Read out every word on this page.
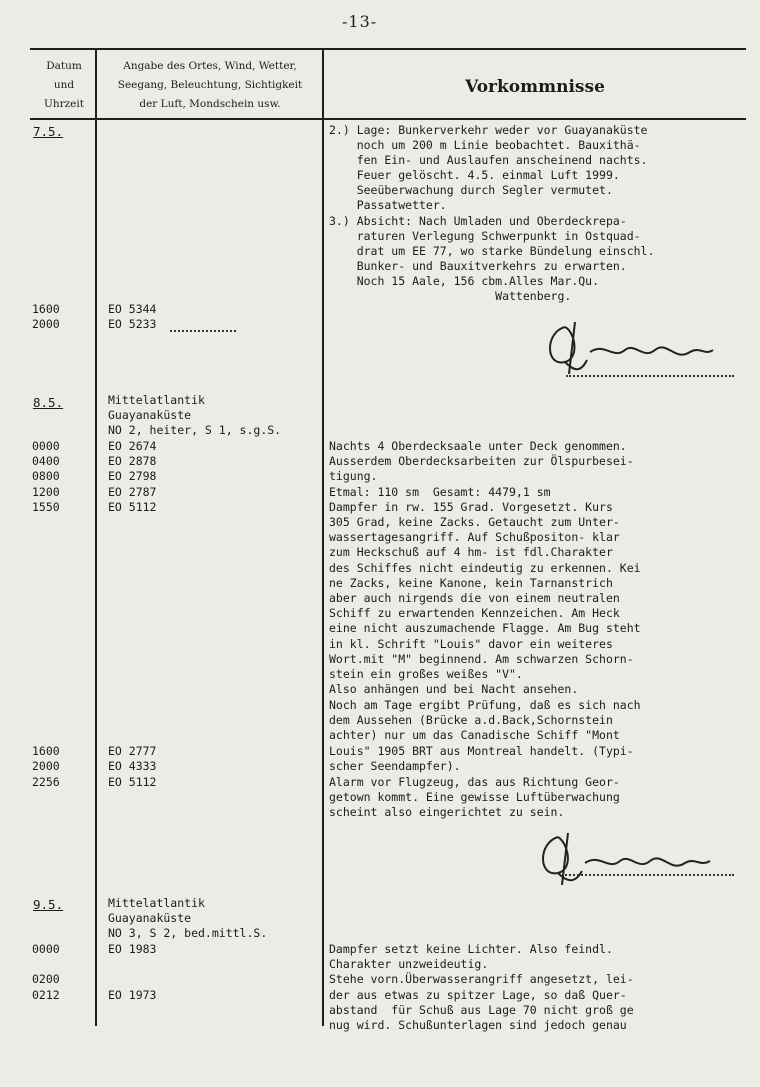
-13-
Datum
und
Uhrzeit
Angabe des Ortes, Wind, Wetter,
Seegang, Beleuchtung, Sichtigkeit
der Luft, Mondschein usw.
Vorkommnisse
7.5.
8.5.
9.5.
1600
2000
0000
0400
0800
1200
1550
1600
2000
2256
0000
0200
0212
EO 5344
EO 5233
Mittelatlantik
Guayanaküste
NO 2, heiter, S 1, s.g.S.
EO 2674
EO 2878
EO 2798
EO 2787
EO 5112
EO 2777
EO 4333
EO 5112
Mittelatlantik
Guayanaküste
NO 3, S 2, bed.mittl.S.
EO 1983
EO 1973
2.) Lage: Bunkerverkehr weder vor Guayanaküste
noch um 200 m Linie beobachtet. Bauxithä-
fen Ein- und Auslaufen anscheinend nachts.
Feuer gelöscht. 4.5. einmal Luft 1999.
Seeüberwachung durch Segler vermutet.
Passatwetter.
3.) Absicht: Nach Umladen und Oberdeckrepa-
raturen Verlegung Schwerpunkt in Ostquad-
drat um EE 77, wo starke Bündelung einschl.
Bunker- und Bauxitverkehrs zu erwarten.
Noch 15 Aale, 156 cbm.Alles Mar.Qu.
Wattenberg.
Nachts 4 Oberdecksaale unter Deck genommen.
Ausserdem Oberdecksarbeiten zur Ölspurbesei-
tigung.
Etmal: 110 sm  Gesamt: 4479,1 sm
Dampfer in rw. 155 Grad. Vorgesetzt. Kurs
305 Grad, keine Zacks. Getaucht zum Unter-
wassertagesangriff. Auf Schußpositon- klar
zum Heckschuß auf 4 hm- ist fdl.Charakter
des Schiffes nicht eindeutig zu erkennen. Kei
ne Zacks, keine Kanone, kein Tarnanstrich
aber auch nirgends die von einem neutralen
Schiff zu erwartenden Kennzeichen. Am Heck
eine nicht auszumachende Flagge. Am Bug steht
in kl. Schrift "Louis" davor ein weiteres
Wort.mit "M" beginnend. Am schwarzen Schorn-
stein ein großes weißes "V".
Also anhängen und bei Nacht ansehen.
Noch am Tage ergibt Prüfung, daß es sich nach
dem Aussehen (Brücke a.d.Back,Schornstein
achter) nur um das Canadische Schiff "Mont
Louis" 1905 BRT aus Montreal handelt. (Typi-
scher Seendampfer).
Alarm vor Flugzeug, das aus Richtung Geor-
getown kommt. Eine gewisse Luftüberwachung
scheint also eingerichtet zu sein.
Dampfer setzt keine Lichter. Also feindl.
Charakter unzweideutig.
Stehe vorn.Überwasserangriff angesetzt, lei-
der aus etwas zu spitzer Lage, so daß Quer-
abstand  für Schuß aus Lage 70 nicht groß ge
nug wird. Schußunterlagen sind jedoch genau
